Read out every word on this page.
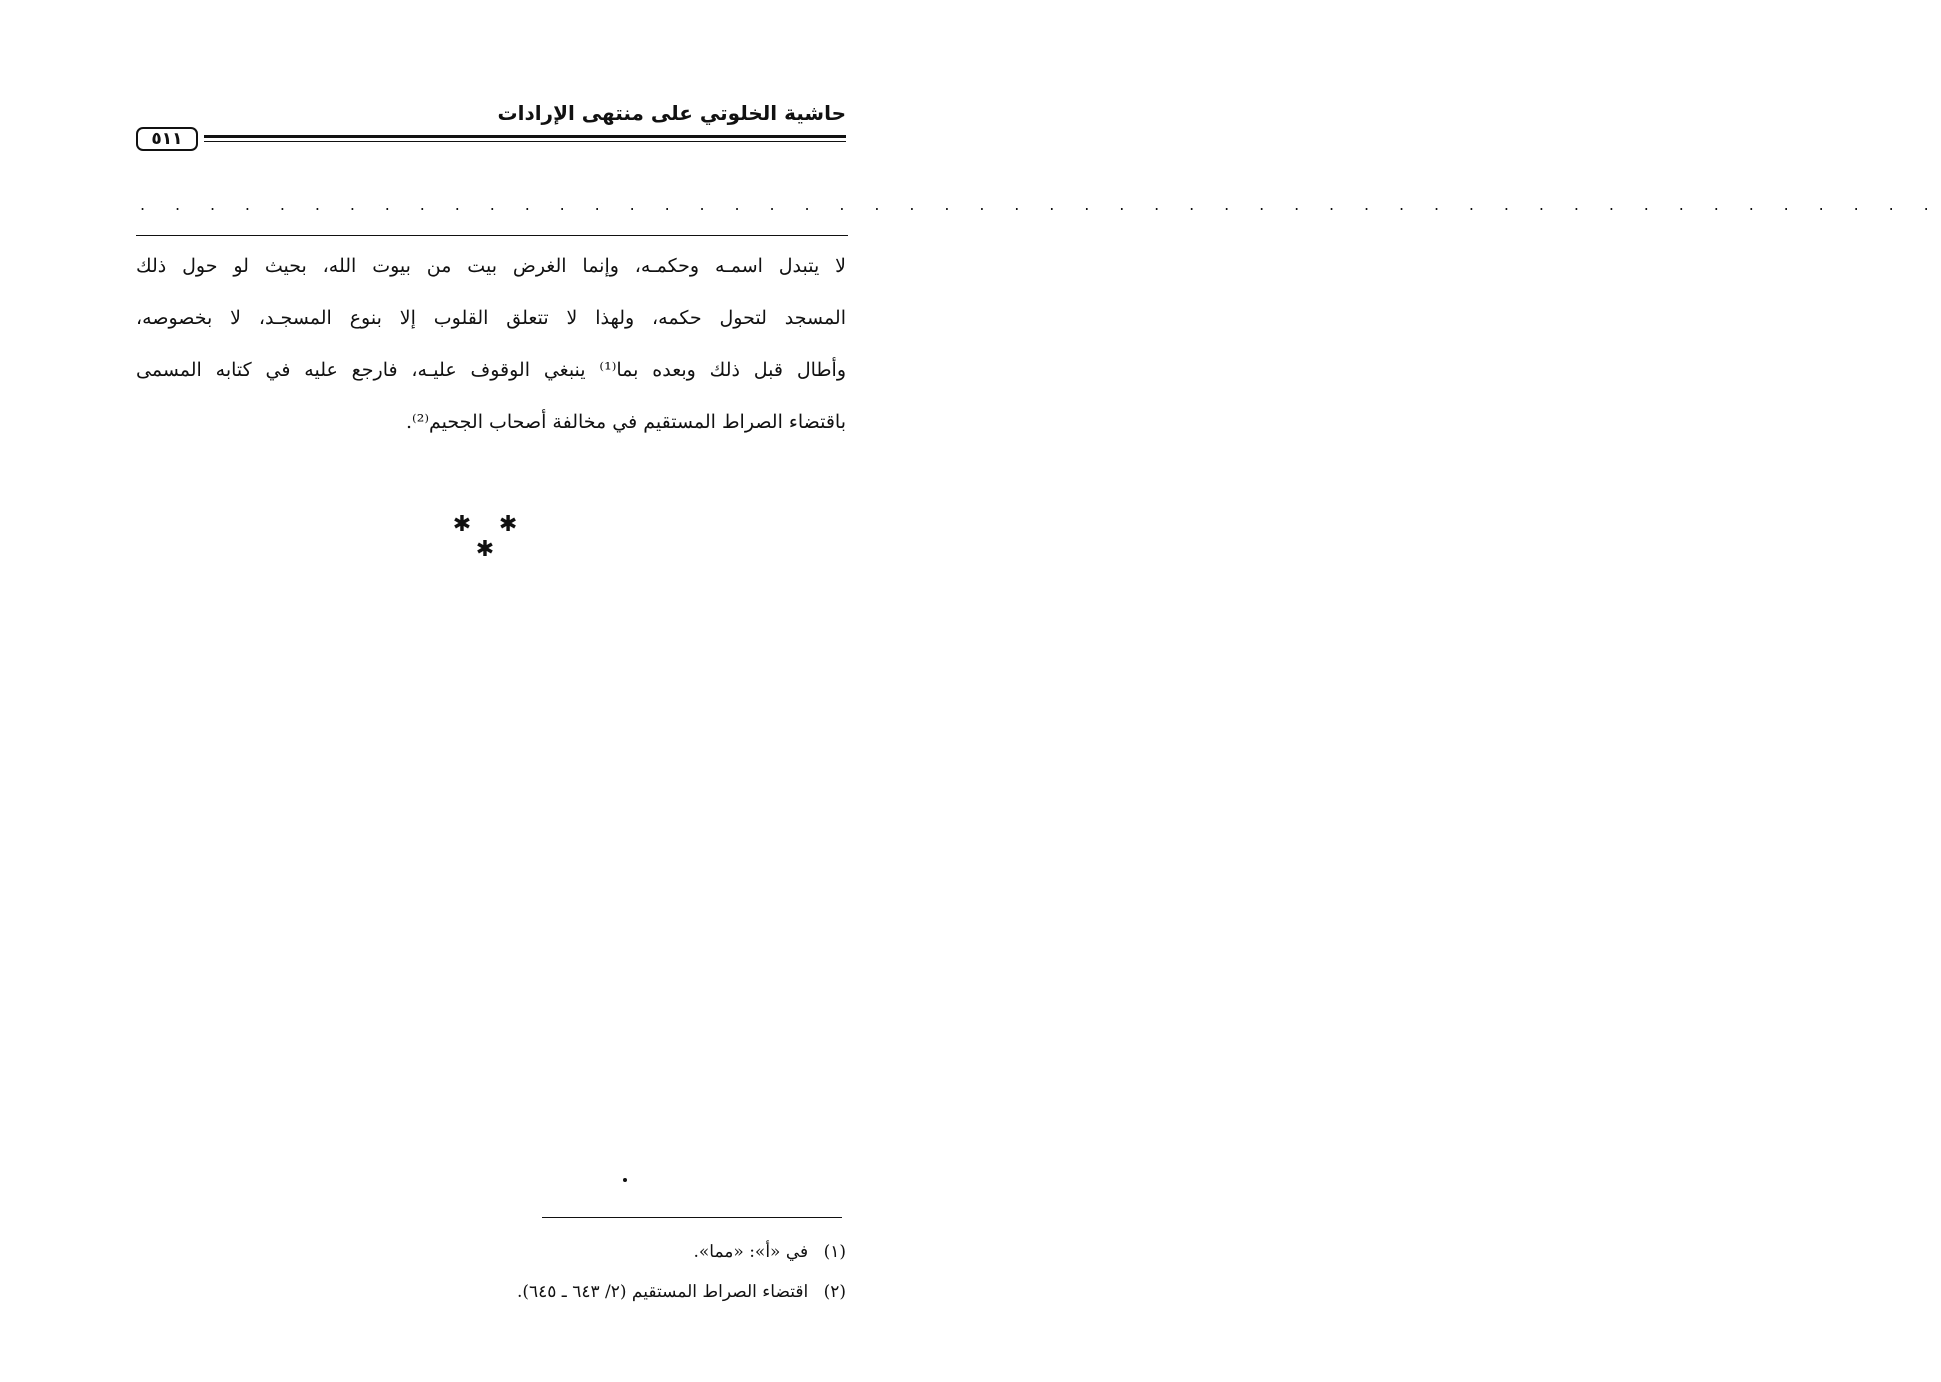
حاشية الخلوتي على منتهى الإرادات
٥١١
. . . . . . . . . . . . . . . . . . . . . . . . . . . . . . . . . . . . . . . . . . . . . . . . . . . .
لا يتبدل اسمـه وحكمـه، وإنما الغرض بيت من بيوت الله، بحيث لو حول ذلك
المسجد لتحول حكمه، ولهذا لا تتعلق القلوب إلا بنوع المسجـد، لا بخصوصه،
وأطال قبل ذلك وبعده بما⁽¹⁾ ينبغي الوقوف عليـه، فارجع عليه في كتابه المسمى
باقتضاء الصراط المستقيم في مخالفة أصحاب الجحيم⁽²⁾.
✱ ✱ ✱
(١) في «أ»: «مما».
(٢) اقتضاء الصراط المستقيم (٢/ ٦٤٣ ـ ٦٤٥).
